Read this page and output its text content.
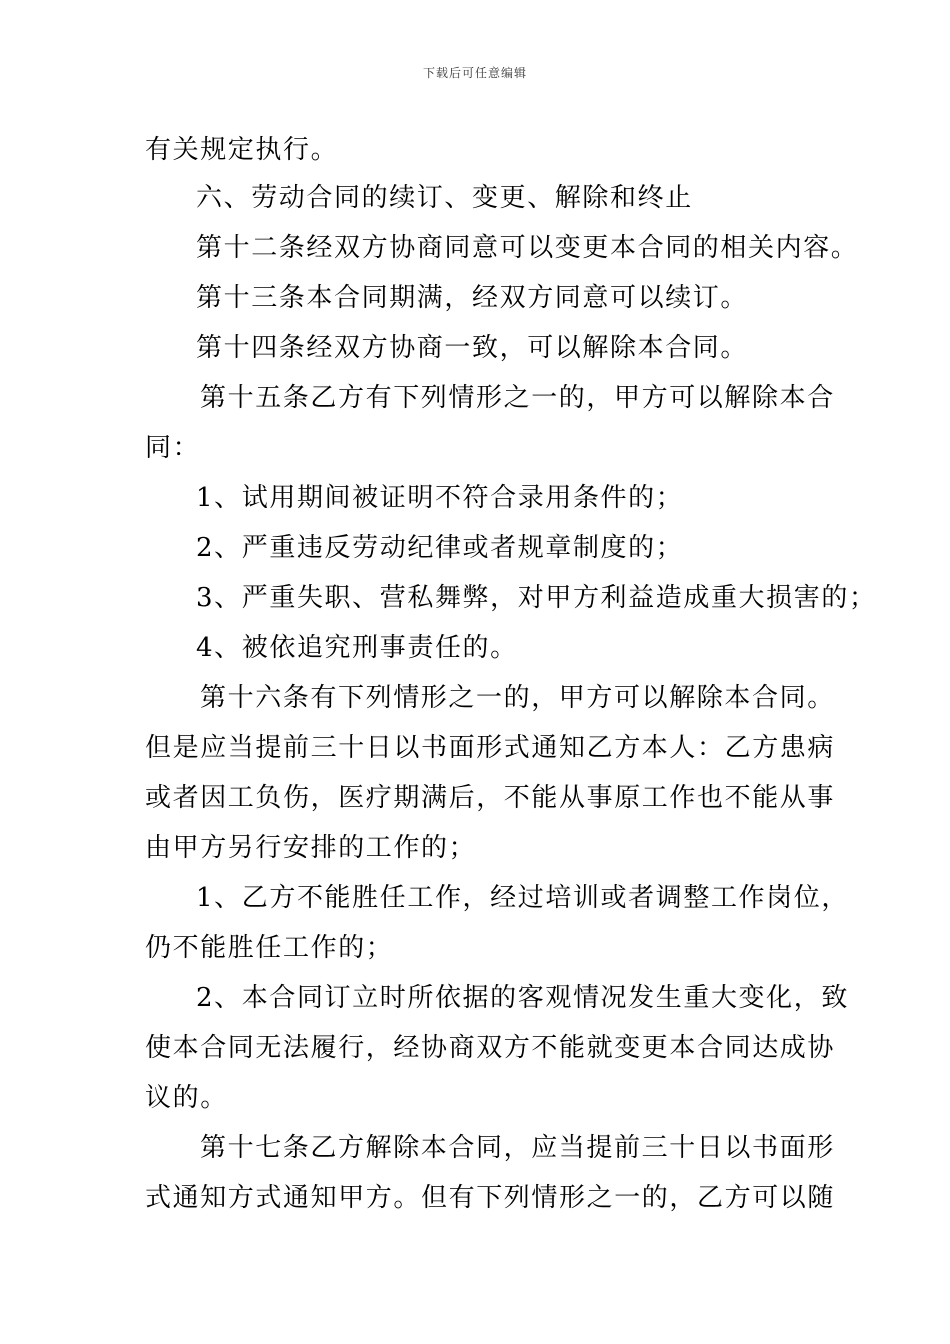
下载后可任意编辑

有关规定执行。

六、劳动合同的续订、变更、解除和终止

第十二条经双方协商同意可以变更本合同的相关内容。

第十三条本合同期满，经双方同意可以续订。

第十四条经双方协商一致，可以解除本合同。

第十五条乙方有下列情形之一的，甲方可以解除本合

同：

1、试用期间被证明不符合录用条件的；

2、严重违反劳动纪律或者规章制度的；

3、严重失职、营私舞弊，对甲方利益造成重大损害的；

4、被依追究刑事责任的。

第十六条有下列情形之一的，甲方可以解除本合同。

但是应当提前三十日以书面形式通知乙方本人：乙方患病

或者因工负伤，医疗期满后，不能从事原工作也不能从事

由甲方另行安排的工作的；

1、乙方不能胜任工作，经过培训或者调整工作岗位，

仍不能胜任工作的；

2、本合同订立时所依据的客观情况发生重大变化，致

使本合同无法履行，经协商双方不能就变更本合同达成协

议的。

第十七条乙方解除本合同，应当提前三十日以书面形

式通知方式通知甲方。但有下列情形之一的，乙方可以随
